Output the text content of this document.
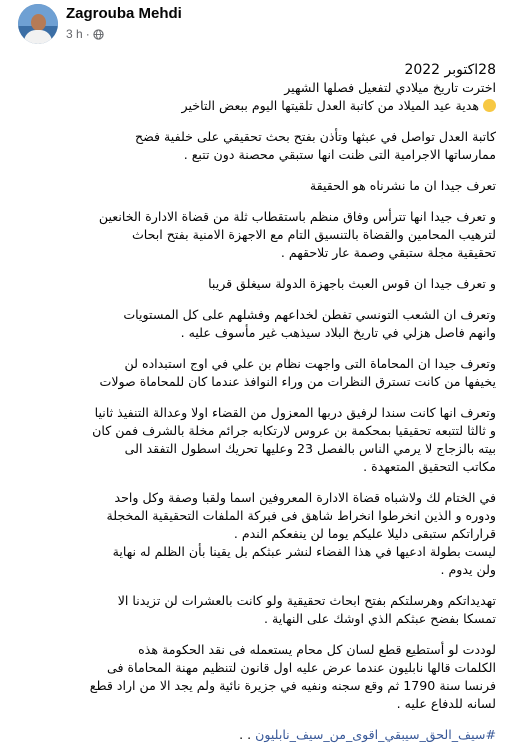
Zagrouba Mehdi
3 h ·
28اكتوبر 2022
اخترت تاريخ ميلادي لتفعيل فصلها الشهير
هدية عيد الميلاد من كاتبة العدل تلقيتها اليوم ببعض التاخير
كاتبة العدل تواصل في عبثها وتأذن بفتح بحث تحقيقي على خلفية فضح
ممارساتها الاجرامية التى ظنت انها ستبقي محصنة دون تتبع .
تعرف جيدا ان ما نشرناه هو الحقيقة
و تعرف جيدا انها تترأس وفاق منظم باستقطاب ثلة من قضاة الادارة الخانعين
لترهيب المحامين والقضاة بالتنسيق التام مع الاجهزة الامنية بفتح ابحاث
تحقيقية مجلة ستبقي وصمة عار تلاحقهم .
و تعرف جيدا ان قوس العبث باجهزة الدولة سيغلق قريبا
وتعرف ان الشعب التونسي تفطن لخداعهم وفشلهم على كل المستويات
وانهم فاصل هزلي في تاريخ البلاد سيذهب غير مأسوف عليه .
وتعرف جيدا ان المحاماة التى واجهت نظام بن علي في اوج استبداده لن
يخيفها من كانت تسترق النظرات من وراء النوافذ عندما كان للمحاماة صولات
وتعرف انها كانت سندا لرفيق دربها المعزول من القضاء اولا وعدالة التنفيذ ثانيا
و ثالثا لتتبعه تحقيقيا بمحكمة بن عروس لارتكابه جرائم مخلة بالشرف فمن كان
بيته بالزجاج لا يرمي الناس بالفصل 23 وعليها تحريك اسطول التفقد الى
مكاتب التحقيق المتعهدة .
في الختام لك ولاشباه قضاة الادارة المعروفين اسما ولقبا وصفة وكل واحد
ودوره و الذين انخرطوا انخراط شاهق فى فبركة الملفات التحقيقية المخجلة
قراراتكم ستبقى دليلا عليكم يوما لن ينفعكم الندم .
ليست بطولة ادعيها في هذا الفضاء لنشر عبثكم بل يقينا بأن الظلم له نهاية
ولن يدوم .
تهديداتكم وهرسلتكم بفتح ابحاث تحقيقية ولو كانت بالعشرات لن تزيدنا الا
تمسكا بفضح عبثكم الذي اوشك على النهاية .
لوددت لو أستطيع قطع لسان كل محام يستعمله فى نقد الحكومة هذه
الكلمات قالها نابليون عندما عرض عليه اول قانون لتنظيم مهنة المحاماة فى
فرنسا سنة 1790 ثم وقع سجنه ونفيه في جزيرة نائية ولم يجد الا من اراد قطع
لسانه للدفاع عليه .
#سيف_الحق_سيبقي_اقوى_من_سيف_نابليون . .
